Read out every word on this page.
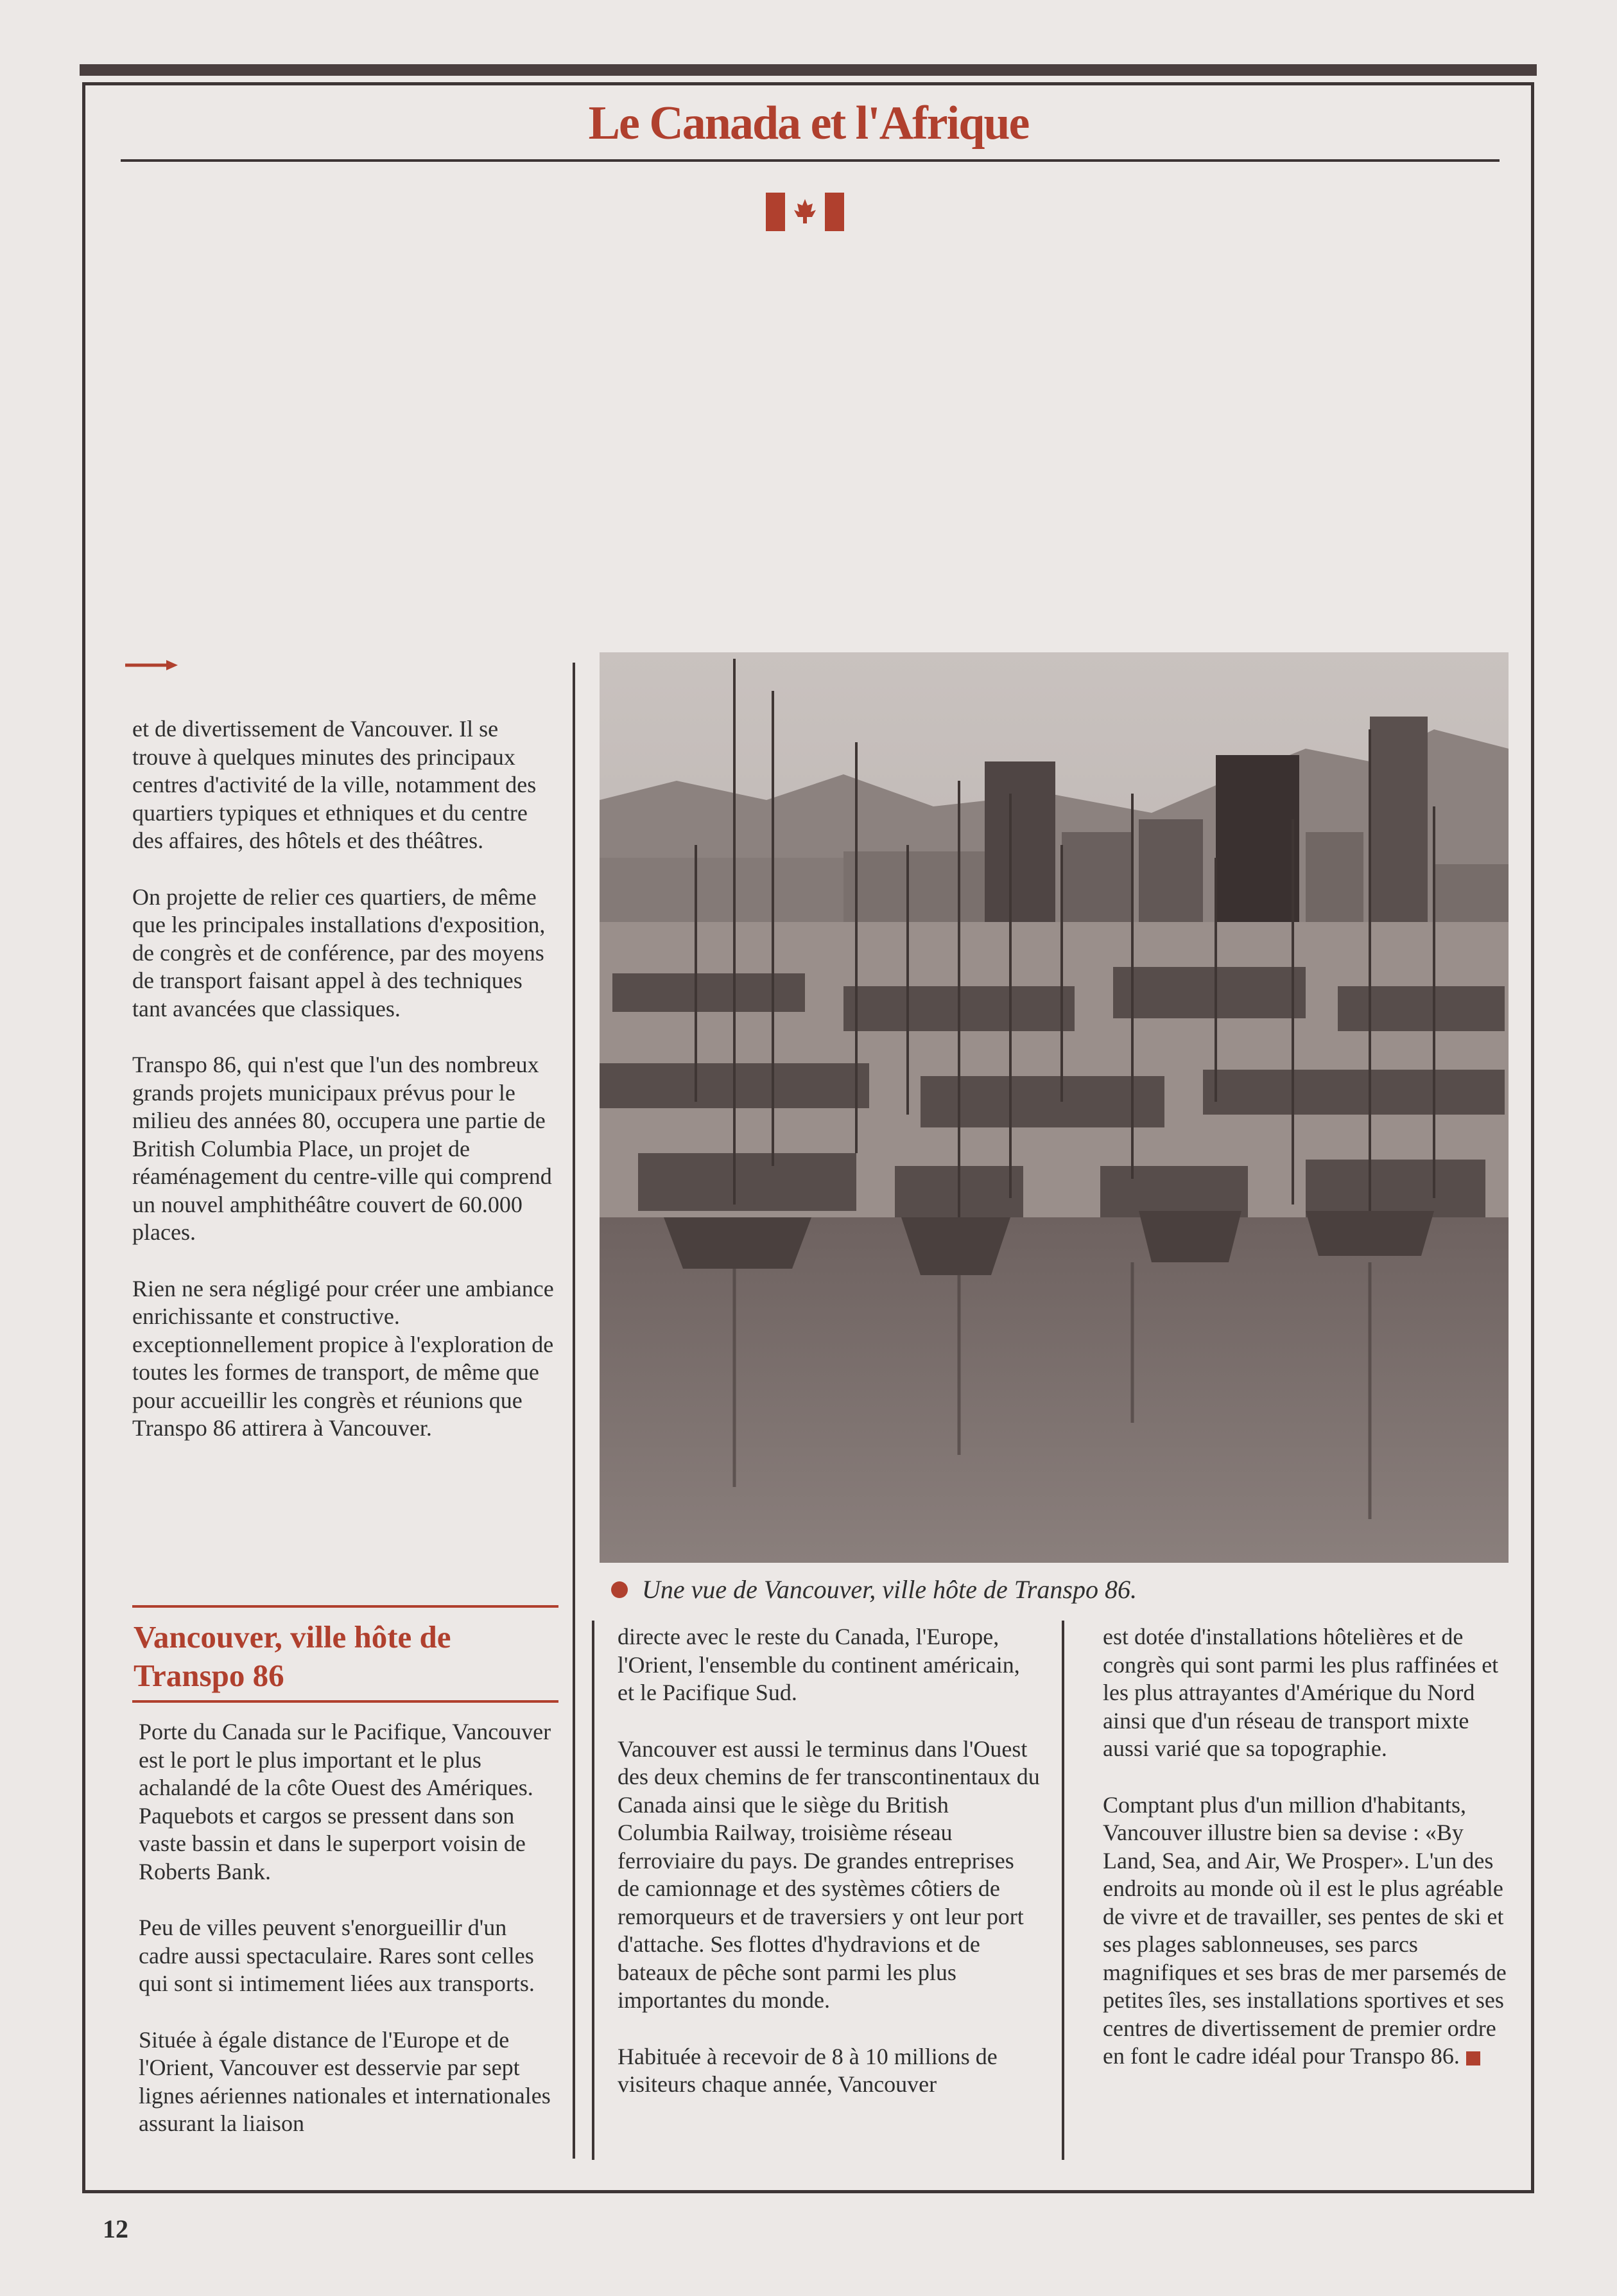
Le Canada et l'Afrique

et de divertissement de Vancouver. Il se trouve à quelques minutes des principaux centres d'activité de la ville, notamment des quartiers typiques et ethniques et du centre des affaires, des hôtels et des théâtres.

On projette de relier ces quartiers, de même que les principales installations d'exposition, de congrès et de conférence, par des moyens de transport faisant appel à des techniques tant avancées que classiques.

Transpo 86, qui n'est que l'un des nombreux grands projets municipaux prévus pour le milieu des années 80, occupera une partie de British Columbia Place, un projet de réaménagement du centre-ville qui comprend un nouvel amphithéâtre couvert de 60.000 places.

Rien ne sera négligé pour créer une ambiance enrichissante et constructive. exceptionnellement propice à l'exploration de toutes les formes de transport, de même que pour accueillir les congrès et réunions que Transpo 86 attirera à Vancouver.

Une vue de Vancouver, ville hôte de Transpo 86.
Vancouver, ville hôte de Transpo 86

Porte du Canada sur le Pacifique, Vancouver est le port le plus important et le plus achalandé de la côte Ouest des Amériques. Paquebots et cargos se pressent dans son vaste bassin et dans le superport voisin de Roberts Bank.

Peu de villes peuvent s'enorgueillir d'un cadre aussi spectaculaire. Rares sont celles qui sont si intimement liées aux transports.

Située à égale distance de l'Europe et de l'Orient, Vancouver est desservie par sept lignes aériennes nationales et internationales assurant la liaison

directe avec le reste du Canada, l'Europe, l'Orient, l'ensemble du continent américain, et le Pacifique Sud.

Vancouver est aussi le terminus dans l'Ouest des deux chemins de fer transcontinentaux du Canada ainsi que le siège du British Columbia Railway, troisième réseau ferroviaire du pays. De grandes entreprises de camionnage et des systèmes côtiers de remorqueurs et de traversiers y ont leur port d'attache. Ses flottes d'hydravions et de bateaux de pêche sont parmi les plus importantes du monde.

Habituée à recevoir de 8 à 10 millions de visiteurs chaque année, Vancouver

est dotée d'installations hôtelières et de congrès qui sont parmi les plus raffinées et les plus attrayantes d'Amérique du Nord ainsi que d'un réseau de transport mixte aussi varié que sa topographie.

Comptant plus d'un million d'habitants, Vancouver illustre bien sa devise : «By Land, Sea, and Air, We Prosper». L'un des endroits au monde où il est le plus agréable de vivre et de travailler, ses pentes de ski et ses plages sablonneuses, ses parcs magnifiques et ses bras de mer parsemés de petites îles, ses installations sportives et ses centres de divertissement de premier ordre en font le cadre idéal pour Transpo 86.

12
